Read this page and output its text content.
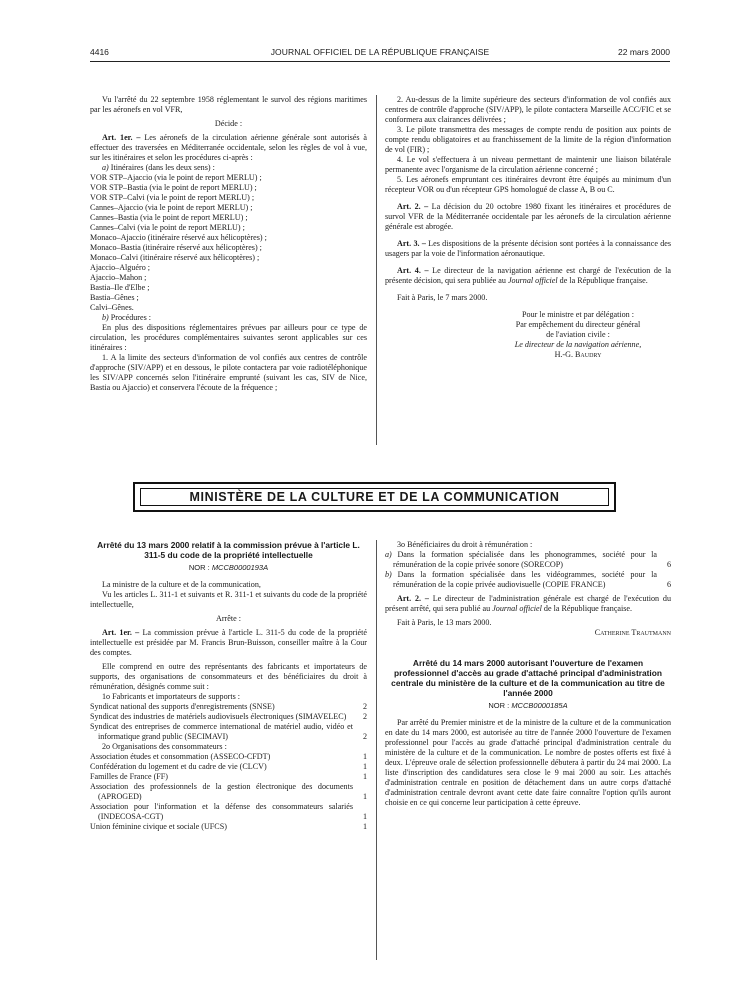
4416	JOURNAL OFFICIEL DE LA RÉPUBLIQUE FRANÇAISE	22 mars 2000

Vu l'arrêté du 22 septembre 1958 réglementant le survol des régions maritimes par les aéronefs en vol VFR,

Décide :

Art. 1er. – Les aéronefs de la circulation aérienne générale sont autorisés à effectuer des traversées en Méditerranée occidentale, selon les règles de vol à vue, sur les itinéraires et selon les procédures ci-après :

a) Itinéraires (dans les deux sens) :

VOR STP–Ajaccio (via le point de report MERLU) ;

VOR STP–Bastia (via le point de report MERLU) ;

VOR STP–Calvi (via le point de report MERLU) ;

Cannes–Ajaccio (via le point de report MERLU) ;

Cannes–Bastia (via le point de report MERLU) ;

Cannes–Calvi (via le point de report MERLU) ;

Monaco–Ajaccio (itinéraire réservé aux hélicoptères) ;

Monaco–Bastia (itinéraire réservé aux hélicoptères) ;

Monaco–Calvi (itinéraire réservé aux hélicoptères) ;

Ajaccio–Alguéro ;

Ajaccio–Mahon ;

Bastia–Ile d'Elbe ;

Bastia–Gênes ;

Calvi–Gênes.

b) Procédures :

En plus des dispositions réglementaires prévues par ailleurs pour ce type de circulation, les procédures complémentaires suivantes seront applicables sur ces itinéraires :

1. A la limite des secteurs d'information de vol confiés aux centres de contrôle d'approche (SIV/APP) et en dessous, le pilote contactera par voie radiotéléphonique les SIV/APP concernés selon l'itinéraire emprunté (suivant les cas, SIV de Nice, Bastia ou Ajaccio) et conservera l'écoute de la fréquence ;

2. Au-dessus de la limite supérieure des secteurs d'information de vol confiés aux centres de contrôle d'approche (SIV/APP), le pilote contactera Marseille ACC/FIC et se conformera aux clairances délivrées ;

3. Le pilote transmettra des messages de compte rendu de position aux points de compte rendu obligatoires et au franchissement de la limite de la région d'information de vol (FIR) ;

4. Le vol s'effectuera à un niveau permettant de maintenir une liaison bilatérale permanente avec l'organisme de la circulation aérienne concerné ;

5. Les aéronefs empruntant ces itinéraires devront être équipés au minimum d'un récepteur VOR ou d'un récepteur GPS homologué de classe A, B ou C.

Art. 2. – La décision du 20 octobre 1980 fixant les itinéraires et procédures de survol VFR de la Méditerranée occidentale par les aéronefs de la circulation aérienne générale est abrogée.

Art. 3. – Les dispositions de la présente décision sont portées à la connaissance des usagers par la voie de l'information aéronautique.

Art. 4. – Le directeur de la navigation aérienne est chargé de l'exécution de la présente décision, qui sera publiée au Journal officiel de la République française.

Fait à Paris, le 7 mars 2000.

Pour le ministre et par délégation :

Par empêchement du directeur général

de l'aviation civile :

Le directeur de la navigation aérienne,

H.-G. Baudry

MINISTÈRE DE LA CULTURE ET DE LA COMMUNICATION

Arrêté du 13 mars 2000 relatif à la commission prévue à l'article L. 311-5 du code de la propriété intellectuelle

NOR : MCCB0000193A

La ministre de la culture et de la communication,

Vu les articles L. 311-1 et suivants et R. 311-1 et suivants du code de la propriété intellectuelle,

Arrête :

Art. 1er. – La commission prévue à l'article L. 311-5 du code de la propriété intellectuelle est présidée par M. Francis Brun-Buisson, conseiller maître à la Cour des comptes.

Elle comprend en outre des représentants des fabricants et importateurs de supports, des organisations de consommateurs et des bénéficiaires du droit à rémunération, désignés comme suit :

1o Fabricants et importateurs de supports :

Syndicat national des supports d'enregistrements (SNSE)	2
Syndicat des industries de matériels audiovisuels électroniques (SIMAVELEC)	2
Syndicat des entreprises de commerce international de matériel audio, vidéo et informatique grand public (SECIMAVI)	2

2o Organisations des consommateurs :

Association études et consommation (ASSECO-CFDT)	1
Confédération du logement et du cadre de vie (CLCV)	1
Familles de France (FF)	1
Association des professionnels de la gestion électronique des documents (APROGED)	1
Association pour l'information et la défense des consommateurs salariés (INDECOSA-CGT)	1
Union féminine civique et sociale (UFCS)	1

3o Bénéficiaires du droit à rémunération :

a) Dans la formation spécialisée dans les phonogrammes, société pour la rémunération de la copie privée sonore (SORECOP)	6
b) Dans la formation spécialisée dans les vidéogrammes, société pour la rémunération de la copie privée audiovisuelle (COPIE FRANCE)	6

Art. 2. – Le directeur de l'administration générale est chargé de l'exécution du présent arrêté, qui sera publié au Journal officiel de la République française.

Fait à Paris, le 13 mars 2000.

Catherine Trautmann

Arrêté du 14 mars 2000 autorisant l'ouverture de l'examen professionnel d'accès au grade d'attaché principal d'administration centrale du ministère de la culture et de la communication au titre de l'année 2000

NOR : MCCB0000185A

Par arrêté du Premier ministre et de la ministre de la culture et de la communication en date du 14 mars 2000, est autorisée au titre de l'année 2000 l'ouverture de l'examen professionnel pour l'accès au grade d'attaché principal d'administration centrale du ministère de la culture et de la communication. Le nombre de postes offerts est fixé à deux. L'épreuve orale de sélection professionnelle débutera à partir du 24 mai 2000. La liste d'inscription des candidatures sera close le 9 mai 2000 au soir. Les attachés d'administration centrale en position de détachement dans un autre corps d'attaché d'administration centrale devront avant cette date faire connaître l'option qu'ils auront choisie en ce qui concerne leur participation à cette épreuve.
